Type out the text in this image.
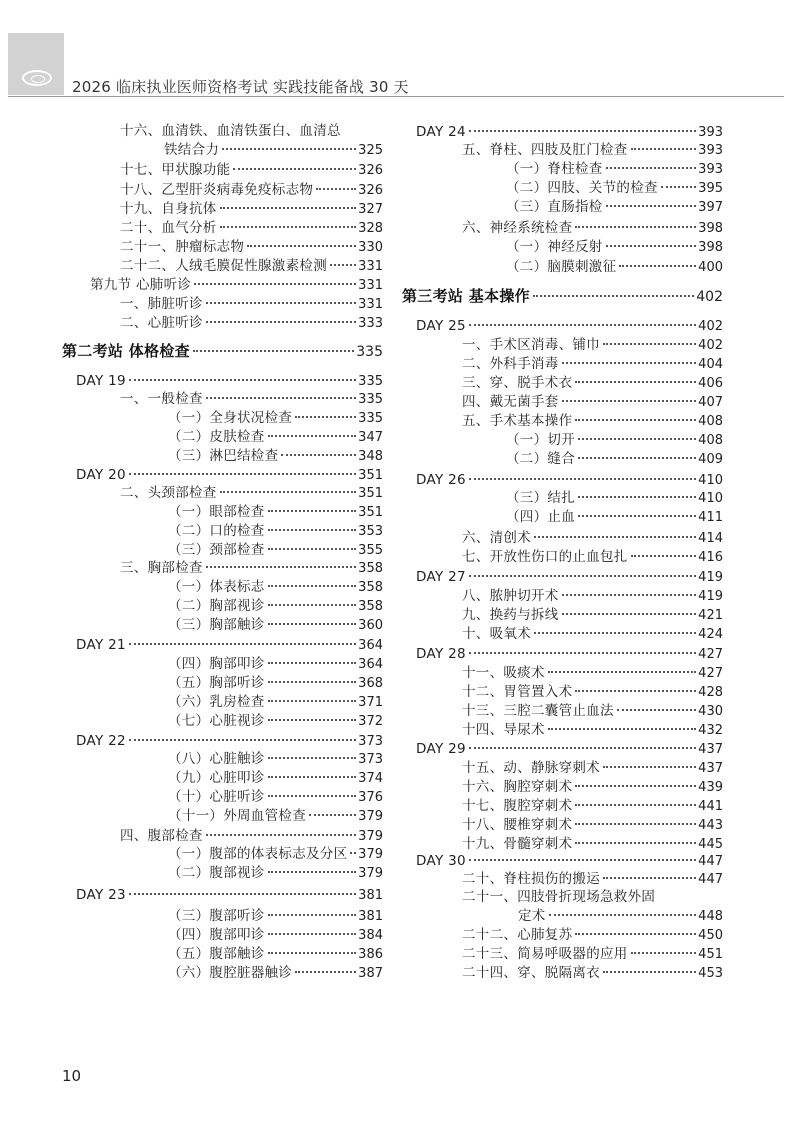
2026 临床执业医师资格考试 实践技能备战 30 天
十六、血清铁、血清铁蛋白、血清总
铁结合力	325
十七、甲状腺功能	326
十八、乙型肝炎病毒免疫标志物	326
十九、自身抗体	327
二十、血气分析	328
二十一、肿瘤标志物	330
二十二、人绒毛膜促性腺激素检测 331
第九节 心肺听诊	331
一、肺脏听诊	331
二、心脏听诊	333
第二考站 体格检查	335
DAY 19	335
一、一般检查	335
（一）全身状况检查	335
（二）皮肤检查	347
（三）淋巴结检查	348
DAY 20	351
二、头颈部检查	351
（一）眼部检查	351
（二）口的检查	353
（三）颈部检查	355
三、胸部检查	358
（一）体表标志	358
（二）胸部视诊	358
（三）胸部触诊	360
DAY 21	364
（四）胸部叩诊	364
（五）胸部听诊	368
（六）乳房检查	371
（七）心脏视诊	372
DAY 22	373
（八）心脏触诊	373
（九）心脏叩诊	374
（十）心脏听诊	376
（十一）外周血管检查	379
四、腹部检查	379
（一）腹部的体表标志及分区 379
（二）腹部视诊	379
DAY 23	381
（三）腹部听诊	381
（四）腹部叩诊	384
（五）腹部触诊	386
（六）腹腔脏器触诊	387
DAY 24	393
五、脊柱、四肢及肛门检查	393
（一）脊柱检查	393
（二）四肢、关节的检查	395
（三）直肠指检	397
六、神经系统检查	398
（一）神经反射	398
（二）脑膜刺激征	400
第三考站 基本操作	402
DAY 25	402
一、手术区消毒、铺巾	402
二、外科手消毒	404
三、穿、脱手术衣	406
四、戴无菌手套	407
五、手术基本操作	408
（一）切开	408
（二）缝合	409
DAY 26	410
（三）结扎	410
（四）止血	411
六、清创术	414
七、开放性伤口的止血包扎	416
DAY 27	419
八、脓肿切开术	419
九、换药与拆线	421
十、吸氧术	424
DAY 28	427
十一、吸痰术	427
十二、胃管置入术	428
十三、三腔二囊管止血法	430
十四、导尿术	432
DAY 29	437
十五、动、静脉穿刺术	437
十六、胸腔穿刺术	439
十七、腹腔穿刺术	441
十八、腰椎穿刺术	443
十九、骨髓穿刺术	445
DAY 30	447
二十、脊柱损伤的搬运	447
二十一、四肢骨折现场急救外固
定术	448
二十二、心肺复苏	450
二十三、简易呼吸器的应用	451
二十四、穿、脱隔离衣	453
10
